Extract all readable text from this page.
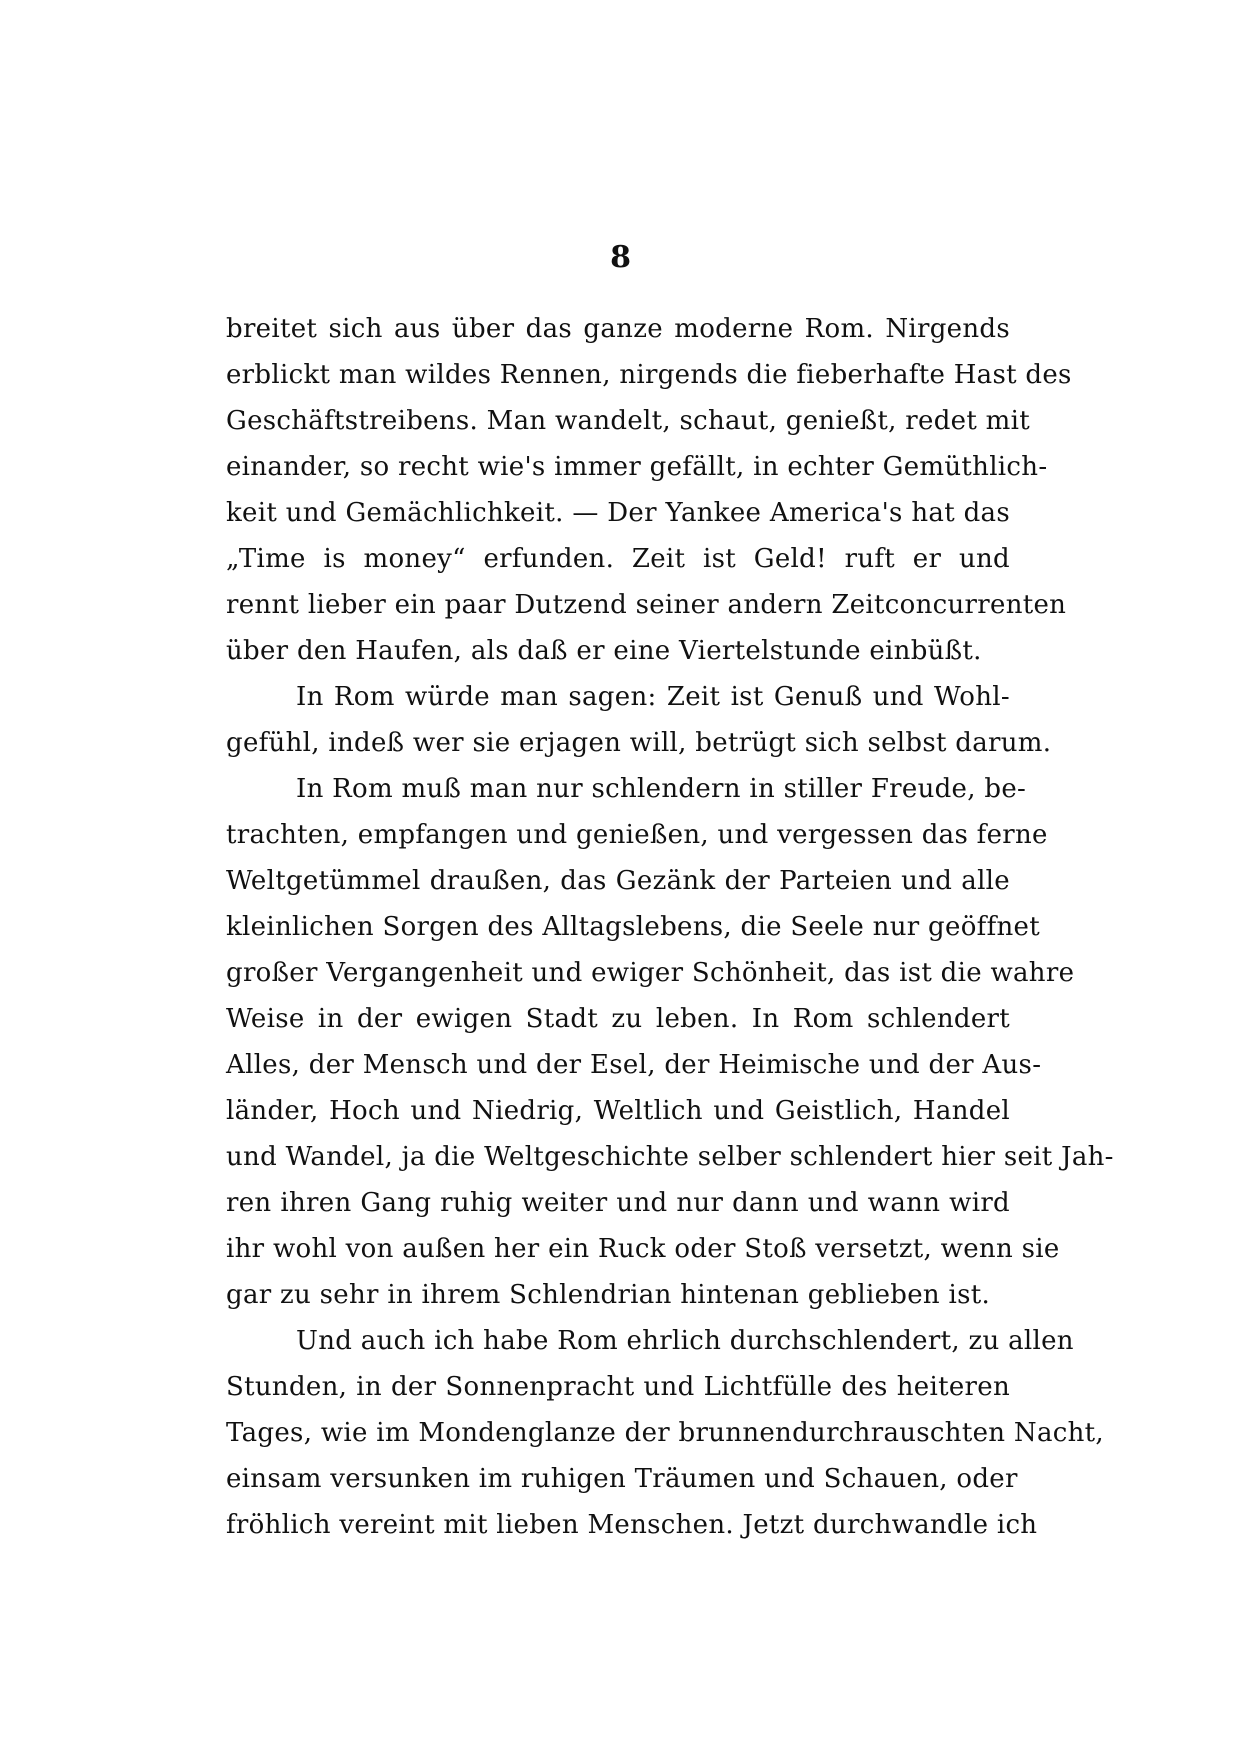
8
breitet sich aus über das ganze moderne Rom. Nirgends
erblickt man wildes Rennen, nirgends die fieberhafte Hast des
Geschäftstreibens. Man wandelt, schaut, genießt, redet mit
einander, so recht wie's immer gefällt, in echter Gemüthlich-
keit und Gemächlichkeit. — Der Yankee America's hat das
„Time is money“ erfunden. Zeit ist Geld! ruft er und
rennt lieber ein paar Dutzend seiner andern Zeitconcurrenten
über den Haufen, als daß er eine Viertelstunde einbüßt.
In Rom würde man sagen: Zeit ist Genuß und Wohl-
gefühl, indeß wer sie erjagen will, betrügt sich selbst darum.
In Rom muß man nur schlendern in stiller Freude, be-
trachten, empfangen und genießen, und vergessen das ferne
Weltgetümmel draußen, das Gezänk der Parteien und alle
kleinlichen Sorgen des Alltagslebens, die Seele nur geöffnet
großer Vergangenheit und ewiger Schönheit, das ist die wahre
Weise in der ewigen Stadt zu leben. In Rom schlendert
Alles, der Mensch und der Esel, der Heimische und der Aus-
länder, Hoch und Niedrig, Weltlich und Geistlich, Handel
und Wandel, ja die Weltgeschichte selber schlendert hier seit Jah-
ren ihren Gang ruhig weiter und nur dann und wann wird
ihr wohl von außen her ein Ruck oder Stoß versetzt, wenn sie
gar zu sehr in ihrem Schlendrian hintenan geblieben ist.
Und auch ich habe Rom ehrlich durchschlendert, zu allen
Stunden, in der Sonnenpracht und Lichtfülle des heiteren
Tages, wie im Mondenglanze der brunnendurchrauschten Nacht,
einsam versunken im ruhigen Träumen und Schauen, oder
fröhlich vereint mit lieben Menschen. Jetzt durchwandle ich
